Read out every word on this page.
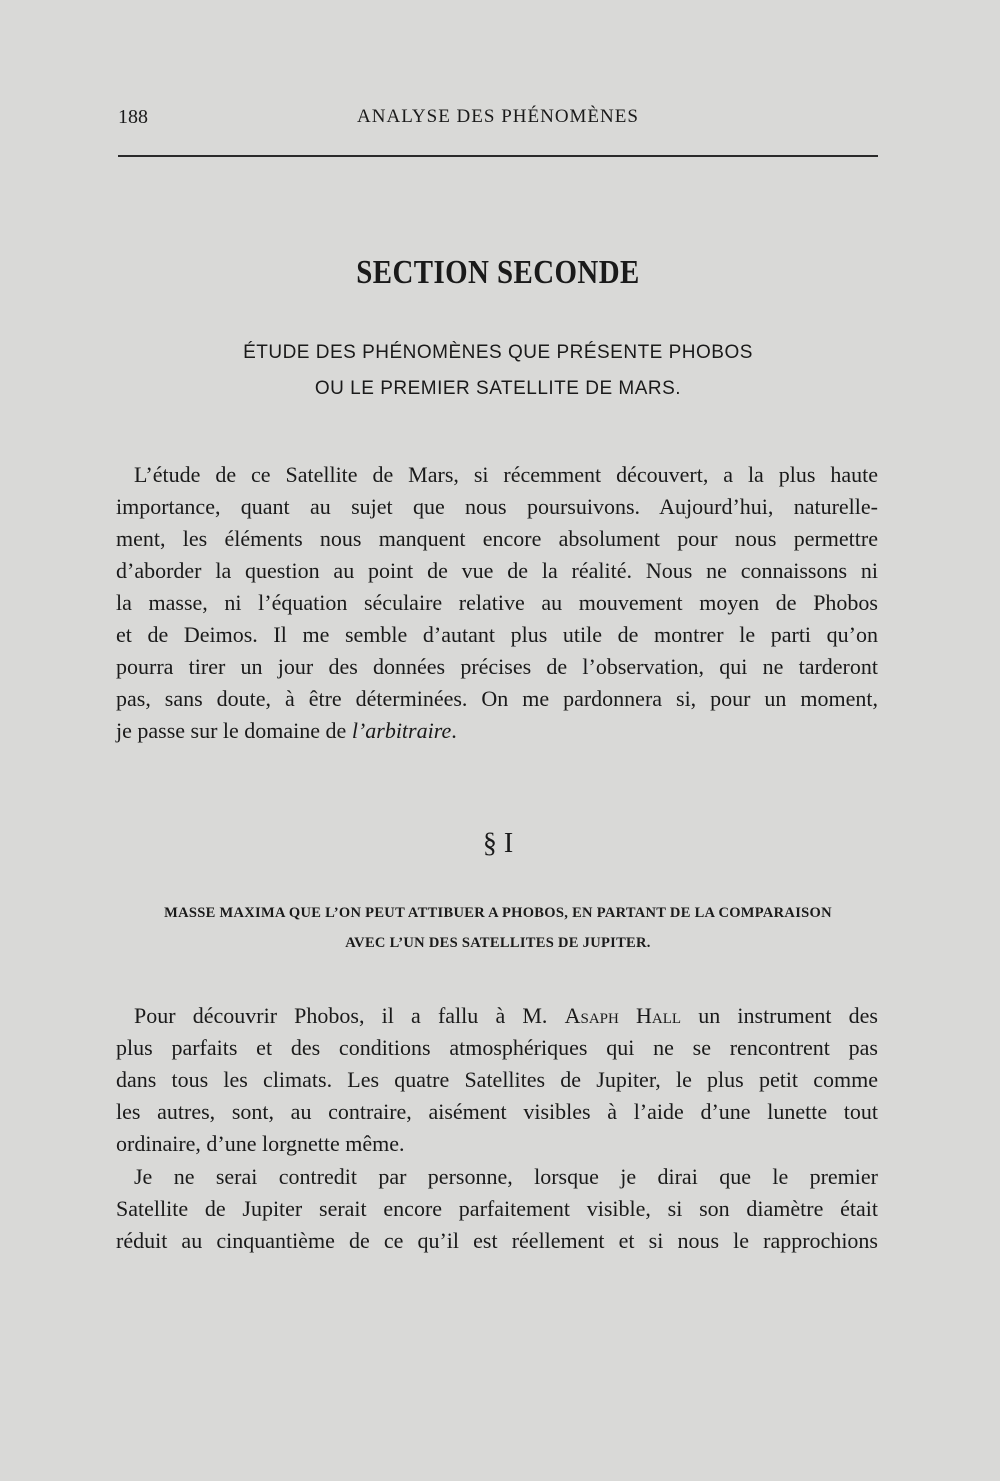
188	ANALYSE DES PHÉNOMÈNES
SECTION SECONDE
ÉTUDE DES PHÉNOMÈNES QUE PRÉSENTE PHOBOS
OU LE PREMIER SATELLITE DE MARS.
L’étude de ce Satellite de Mars, si récemment découvert, a la plus haute
importance, quant au sujet que nous poursuivons. Aujourd’hui, naturelle-
ment, les éléments nous manquent encore absolument pour nous permettre
d’aborder la question au point de vue de la réalité. Nous ne connaissons ni
la masse, ni l’équation séculaire relative au mouvement moyen de Phobos
et de Deimos. Il me semble d’autant plus utile de montrer le parti qu’on
pourra tirer un jour des données précises de l’observation, qui ne tarderont
pas, sans doute, à être déterminées. On me pardonnera si, pour un moment,
je passe sur le domaine de l’arbitraire.
§ I
MASSE MAXIMA QUE L’ON PEUT ATTIBUER A PHOBOS, EN PARTANT DE LA COMPARAISON
AVEC L’UN DES SATELLITES DE JUPITER.
Pour découvrir Phobos, il a fallu à M. Asaph Hall un instrument des
plus parfaits et des conditions atmosphériques qui ne se rencontrent pas
dans tous les climats. Les quatre Satellites de Jupiter, le plus petit comme
les autres, sont, au contraire, aisément visibles à l’aide d’une lunette tout
ordinaire, d’une lorgnette même.
Je ne serai contredit par personne, lorsque je dirai que le premier
Satellite de Jupiter serait encore parfaitement visible, si son diamètre était
réduit au cinquantième de ce qu’il est réellement et si nous le rapprochions
